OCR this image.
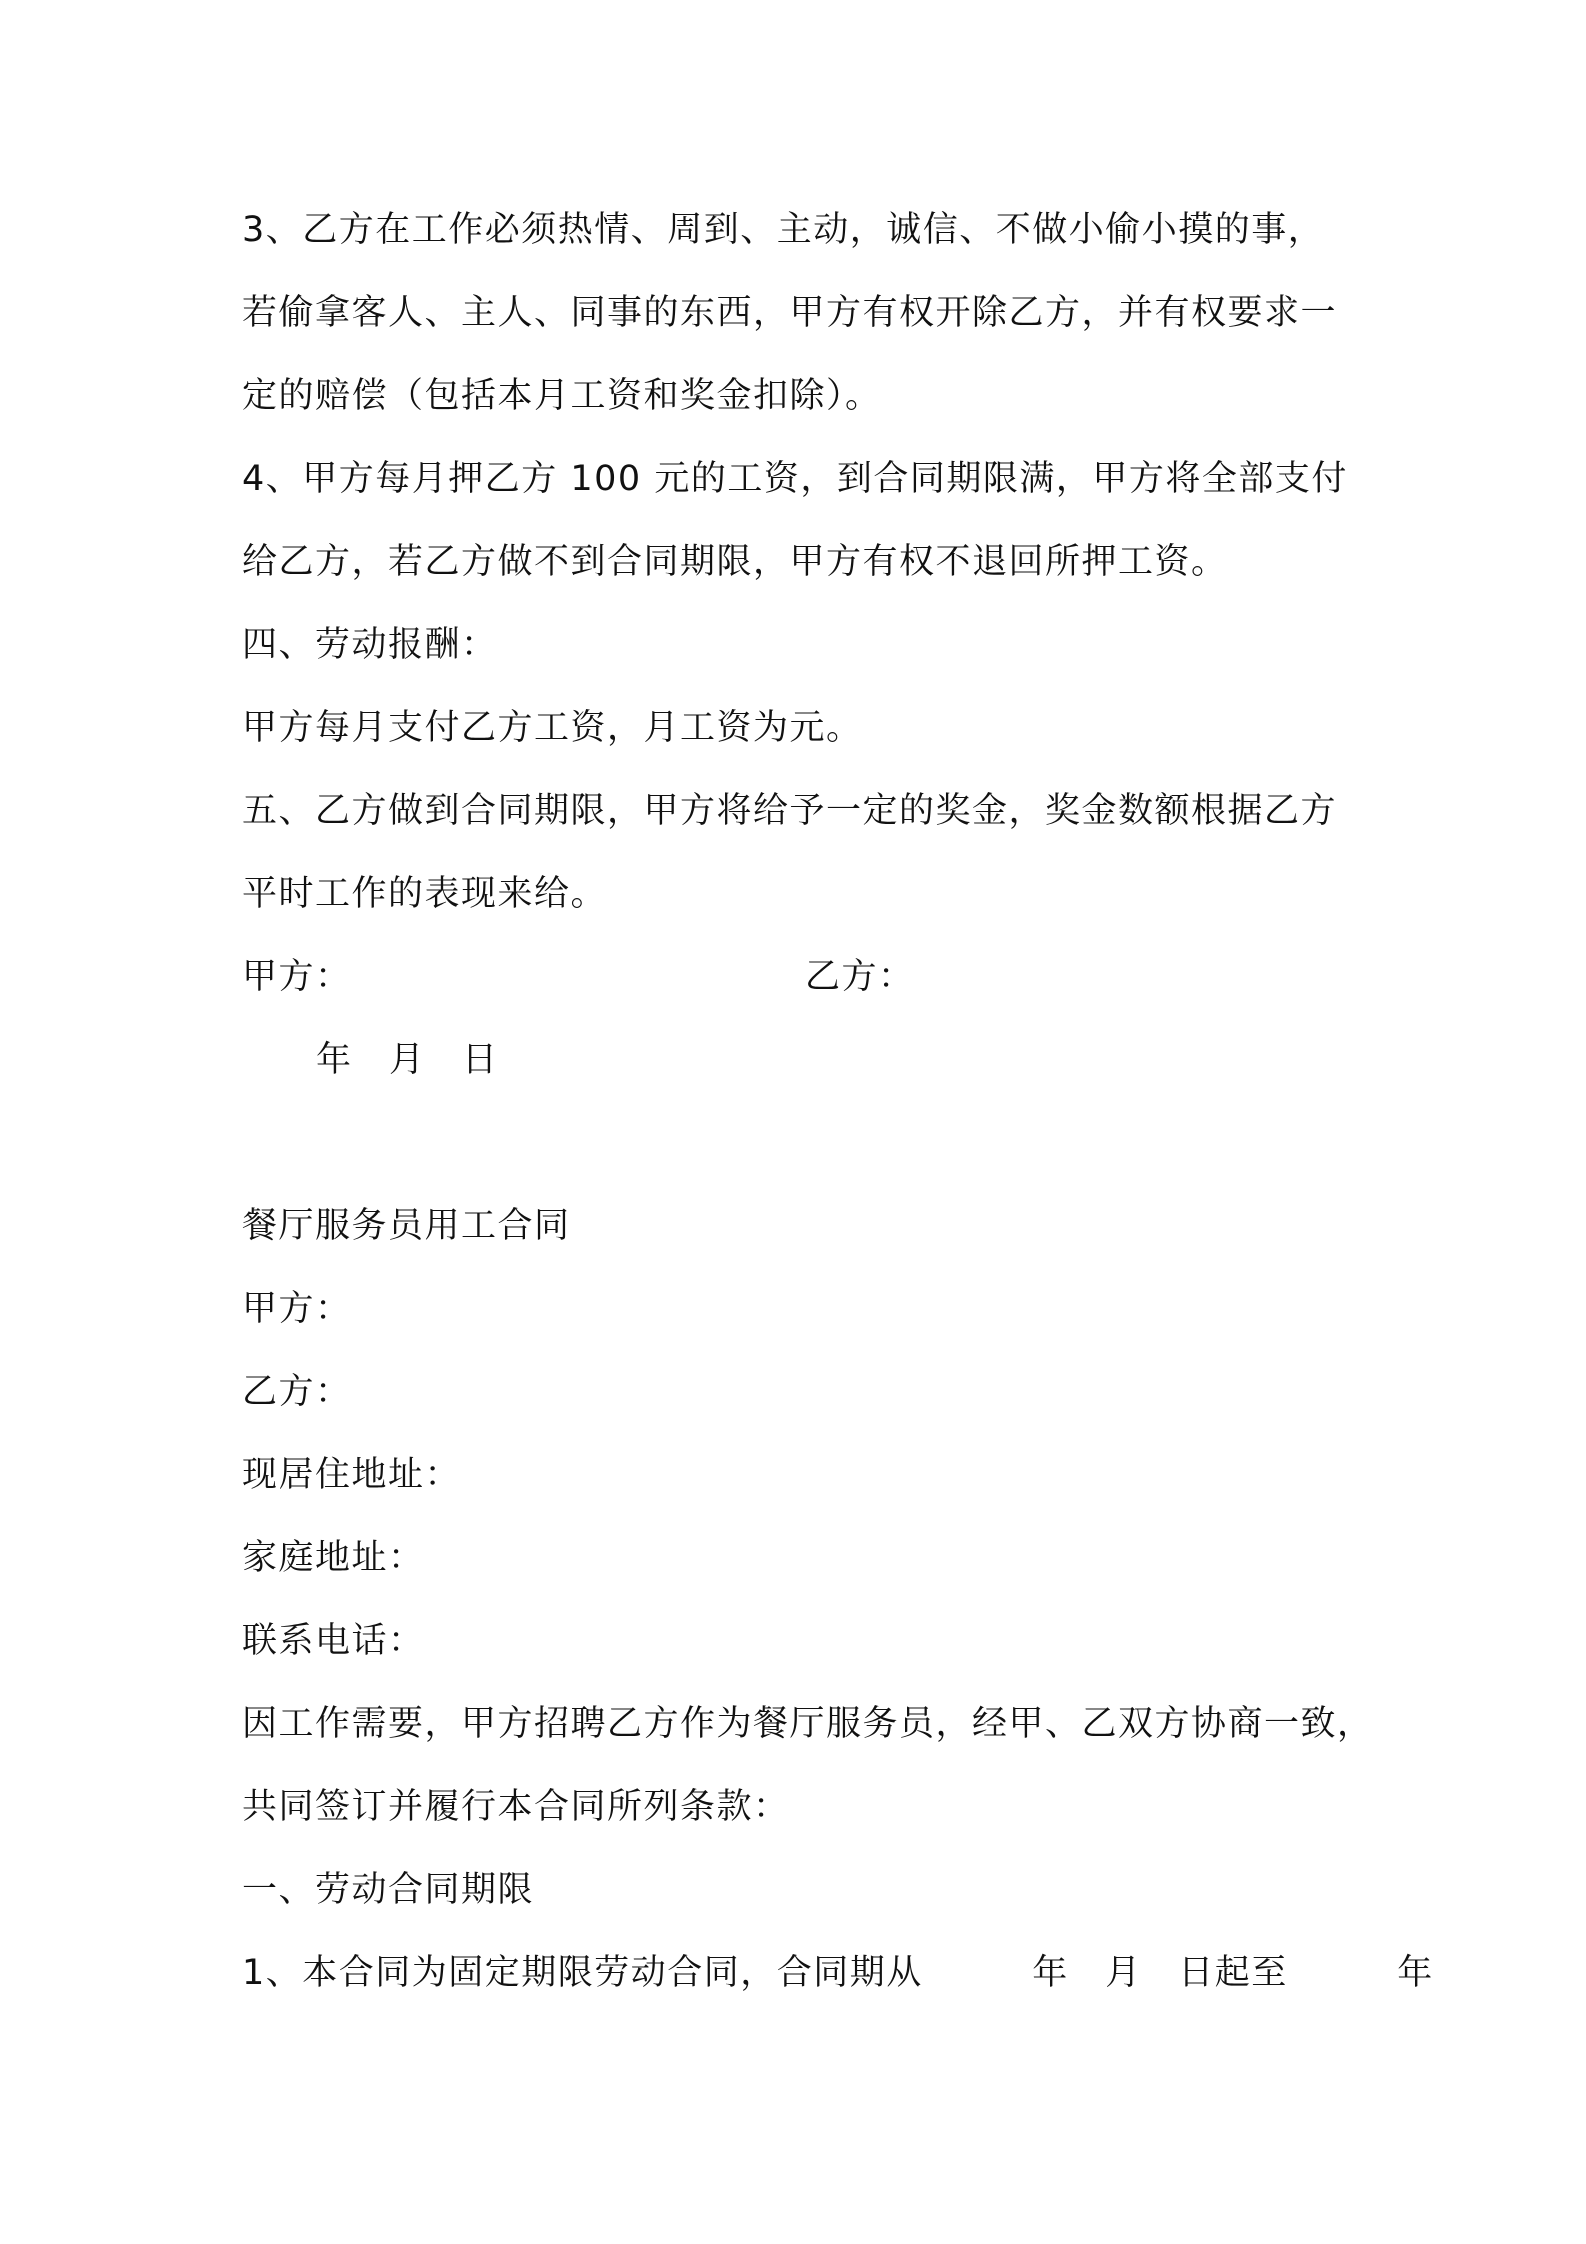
3、乙方在工作必须热情、周到、主动，诚信、不做小偷小摸的事，
若偷拿客人、主人、同事的东西，甲方有权开除乙方，并有权要求一
定的赔偿（包括本月工资和奖金扣除）。
4、甲方每月押乙方 100 元的工资，到合同期限满，甲方将全部支付
给乙方，若乙方做不到合同期限，甲方有权不退回所押工资。
四、劳动报酬：
甲方每月支付乙方工资，月工资为元。
五、乙方做到合同期限，甲方将给予一定的奖金，奖金数额根据乙方
平时工作的表现来给。
甲方：	乙方：
年　月　日
餐厅服务员用工合同
甲方：
乙方：
现居住地址：
家庭地址：
联系电话：
因工作需要，甲方招聘乙方作为餐厅服务员，经甲、乙双方协商一致，
共同签订并履行本合同所列条款：
一、劳动合同期限
1、本合同为固定期限劳动合同，合同期从　　　年　月　日起至　　　年
